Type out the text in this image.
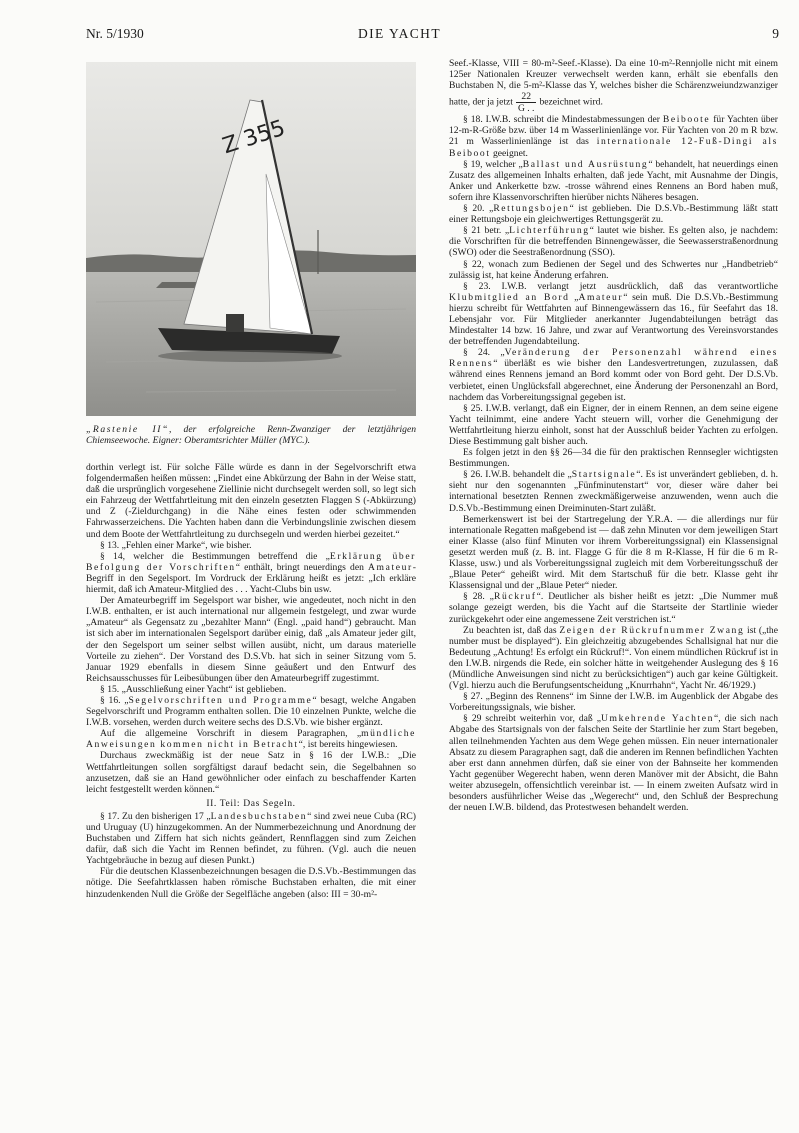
Nr. 5/1930	DIE YACHT	9
Z 355
„Rastenie II“, der erfolgreiche Renn-Zwanziger der letztjährigen Chiemseewoche. Eigner: Oberamtsrichter Müller (MYC.).

dorthin verlegt ist. Für solche Fälle würde es dann in der Segelvorschrift etwa folgendermaßen heißen müssen: „Findet eine Abkürzung der Bahn in der Weise statt, daß die ursprünglich vorgesehene Ziellinie nicht durchsegelt werden soll, so legt sich ein Fahrzeug der Wettfahrtleitung mit den einzeln gesetzten Flaggen S (-Abkürzung) und Z (-Zieldurchgang) in die Nähe eines festen oder schwimmenden Fahrwasserzeichens. Die Yachten haben dann die Verbindungslinie zwischen diesem und dem Boote der Wettfahrtleitung zu durchsegeln und werden hierbei gezeitet.“

§ 13. „Fehlen einer Marke“, wie bisher.

§ 14, welcher die Bestimmungen betreffend die „Erklärung über Befolgung der Vorschriften“ enthält, bringt neuerdings den Amateur-Begriff in den Segelsport. Im Vordruck der Erklärung heißt es jetzt: „Ich erkläre hiermit, daß ich Amateur-Mitglied des . . . Yacht-Clubs bin usw.

Der Amateurbegriff im Segelsport war bisher, wie angedeutet, noch nicht in den I.W.B. enthalten, er ist auch international nur allgemein festgelegt, und zwar wurde „Amateur“ als Gegensatz zu „bezahlter Mann“ (Engl. „paid hand“) gebraucht. Man ist sich aber im internationalen Segelsport darüber einig, daß „als Amateur jeder gilt, der den Segelsport um seiner selbst willen ausübt, nicht, um daraus materielle Vorteile zu ziehen“. Der Vorstand des D.S.Vb. hat sich in seiner Sitzung vom 5. Januar 1929 ebenfalls in diesem Sinne geäußert und den Entwurf des Reichsausschusses für Leibesübungen über den Amateurbegriff zugestimmt.

§ 15. „Ausschließung einer Yacht“ ist geblieben.

§ 16. „Segelvorschriften und Programme“ besagt, welche Angaben Segelvorschrift und Programm enthalten sollen. Die 10 einzelnen Punkte, welche die I.W.B. vorsehen, werden durch weitere sechs des D.S.Vb. wie bisher ergänzt.

Auf die allgemeine Vorschrift in diesem Paragraphen, „mündliche Anweisungen kommen nicht in Betracht“, ist bereits hingewiesen.

Durchaus zweckmäßig ist der neue Satz in § 16 der I.W.B.: „Die Wettfahrtleitungen sollen sorgfältigst darauf bedacht sein, die Segelbahnen so anzusetzen, daß sie an Hand gewöhnlicher oder einfach zu beschaffender Karten leicht festgestellt werden können.“

II. Teil: Das Segeln.

§ 17. Zu den bisherigen 17 „Landesbuchstaben“ sind zwei neue Cuba (RC) und Uruguay (U) hinzugekommen. An der Nummerbezeichnung und Anordnung der Buchstaben und Ziffern hat sich nichts geändert, Rennflaggen sind zum Zeichen dafür, daß sich die Yacht im Rennen befindet, zu führen. (Vgl. auch die neuen Yachtgebräuche in bezug auf diesen Punkt.)

Für die deutschen Klassenbezeichnungen besagen die D.S.Vb.-Bestimmungen das nötige. Die Seefahrtklassen haben römische Buchstaben erhalten, die mit einer hinzudenkenden Null die Größe der Segelfläche angeben (also: III = 30-m²-

Seef.-Klasse, VIII = 80-m²-Seef.-Klasse). Da eine 10-m²-Rennjolle nicht mit einem 125er Nationalen Kreuzer verwechselt werden kann, erhält sie ebenfalls den Buchstaben N, die 5-m²-Klasse das Y, welches bisher die Schärenzweiundzwanziger hatte, der ja jetzt $\frac{22}{G . .}$ bezeichnet wird.

§ 18. I.W.B. schreibt die Mindestabmessungen der Beiboote für Yachten über 12-m-R-Größe bzw. über 14 m Wasserlinienlänge vor. Für Yachten von 20 m R bzw. 21 m Wasserlinienlänge ist das internationale 12-Fuß-Dingi als Beiboot geeignet.

§ 19, welcher „Ballast und Ausrüstung“ behandelt, hat neuerdings einen Zusatz des allgemeinen Inhalts erhalten, daß jede Yacht, mit Ausnahme der Dingis, Anker und Ankerkette bzw. -trosse während eines Rennens an Bord haben muß, sofern ihre Klassenvorschriften hierüber nichts Näheres besagen.

§ 20. „Rettungsbojen“ ist geblieben. Die D.S.Vb.-Bestimmung läßt statt einer Rettungsboje ein gleichwertiges Rettungsgerät zu.

§ 21 betr. „Lichterführung“ lautet wie bisher. Es gelten also, je nachdem: die Vorschriften für die betreffenden Binnengewässer, die Seewasserstraßenordnung (SWO) oder die Seestraßenordnung (SSO).

§ 22, wonach zum Bedienen der Segel und des Schwertes nur „Handbetrieb“ zulässig ist, hat keine Änderung erfahren.

§ 23. I.W.B. verlangt jetzt ausdrücklich, daß das verantwortliche Klubmitglied an Bord „Amateur“ sein muß. Die D.S.Vb.-Bestimmung hierzu schreibt für Wettfahrten auf Binnengewässern das 16., für Seefahrt das 18. Lebensjahr vor. Für Mitglieder anerkannter Jugendabteilungen beträgt das Mindestalter 14 bzw. 16 Jahre, und zwar auf Verantwortung des Vereinsvorstandes der betreffenden Jugendabteilung.

§ 24. „Veränderung der Personenzahl während eines Rennens“ überläßt es wie bisher den Landesvertretungen, zuzulassen, daß während eines Rennens jemand an Bord kommt oder von Bord geht. Der D.S.Vb. verbietet, einen Unglücksfall abgerechnet, eine Änderung der Personenzahl an Bord, nachdem das Vorbereitungssignal gegeben ist.

§ 25. I.W.B. verlangt, daß ein Eigner, der in einem Rennen, an dem seine eigene Yacht teilnimmt, eine andere Yacht steuern will, vorher die Genehmigung der Wettfahrtleitung hierzu einholt, sonst hat der Ausschluß beider Yachten zu erfolgen. Diese Bestimmung galt bisher auch.

Es folgen jetzt in den §§ 26—34 die für den praktischen Rennsegler wichtigsten Bestimmungen.

§ 26. I.W.B. behandelt die „Startsignale“. Es ist unverändert geblieben, d. h. sieht nur den sogenannten „Fünfminutenstart“ vor, dieser wäre daher bei international besetzten Rennen zweckmäßigerweise anzuwenden, wenn auch die D.S.Vb.-Bestimmung einen Dreiminuten-Start zuläßt.

Bemerkenswert ist bei der Startregelung der Y.R.A. — die allerdings nur für internationale Regatten maßgebend ist — daß zehn Minuten vor dem jeweiligen Start einer Klasse (also fünf Minuten vor ihrem Vorbereitungssignal) ein Klassensignal gesetzt werden muß (z. B. int. Flagge G für die 8 m R-Klasse, H für die 6 m R-Klasse, usw.) und als Vorbereitungssignal zugleich mit dem Vorbereitungsschuß der „Blaue Peter“ geheißt wird. Mit dem Startschuß für die betr. Klasse geht ihr Klassensignal und der „Blaue Peter“ nieder.

§ 28. „Rückruf“. Deutlicher als bisher heißt es jetzt: „Die Nummer muß solange gezeigt werden, bis die Yacht auf die Startseite der Startlinie wieder zurückgekehrt oder eine angemessene Zeit verstrichen ist.“

Zu beachten ist, daß das Zeigen der Rückrufnummer Zwang ist („the number must be displayed“). Ein gleichzeitig abzugebendes Schallsignal hat nur die Bedeutung „Achtung! Es erfolgt ein Rückruf!“. Von einem mündlichen Rückruf ist in den I.W.B. nirgends die Rede, ein solcher hätte in weitgehender Auslegung des § 16 (Mündliche Anweisungen sind nicht zu berücksichtigen“) auch gar keine Gültigkeit. (Vgl. hierzu auch die Berufungsentscheidung „Knurrhahn“, Yacht Nr. 46/1929.)

§ 27. „Beginn des Rennens“ im Sinne der I.W.B. im Augenblick der Abgabe des Vorbereitungssignals, wie bisher.

§ 29 schreibt weiterhin vor, daß „Umkehrende Yachten“, die sich nach Abgabe des Startsignals von der falschen Seite der Startlinie her zum Start begeben, allen teilnehmenden Yachten aus dem Wege gehen müssen. Ein neuer internationaler Absatz zu diesem Paragraphen sagt, daß die anderen im Rennen befindlichen Yachten aber erst dann annehmen dürfen, daß sie einer von der Bahnseite her kommenden Yacht gegenüber Wegerecht haben, wenn deren Manöver mit der Absicht, die Bahn weiter abzusegeln, offensichtlich vereinbar ist. — In einem zweiten Aufsatz wird in besonders ausführlicher Weise das „Wegerecht“ und, den Schluß der Besprechung der neuen I.W.B. bildend, das Protestwesen behandelt werden.
